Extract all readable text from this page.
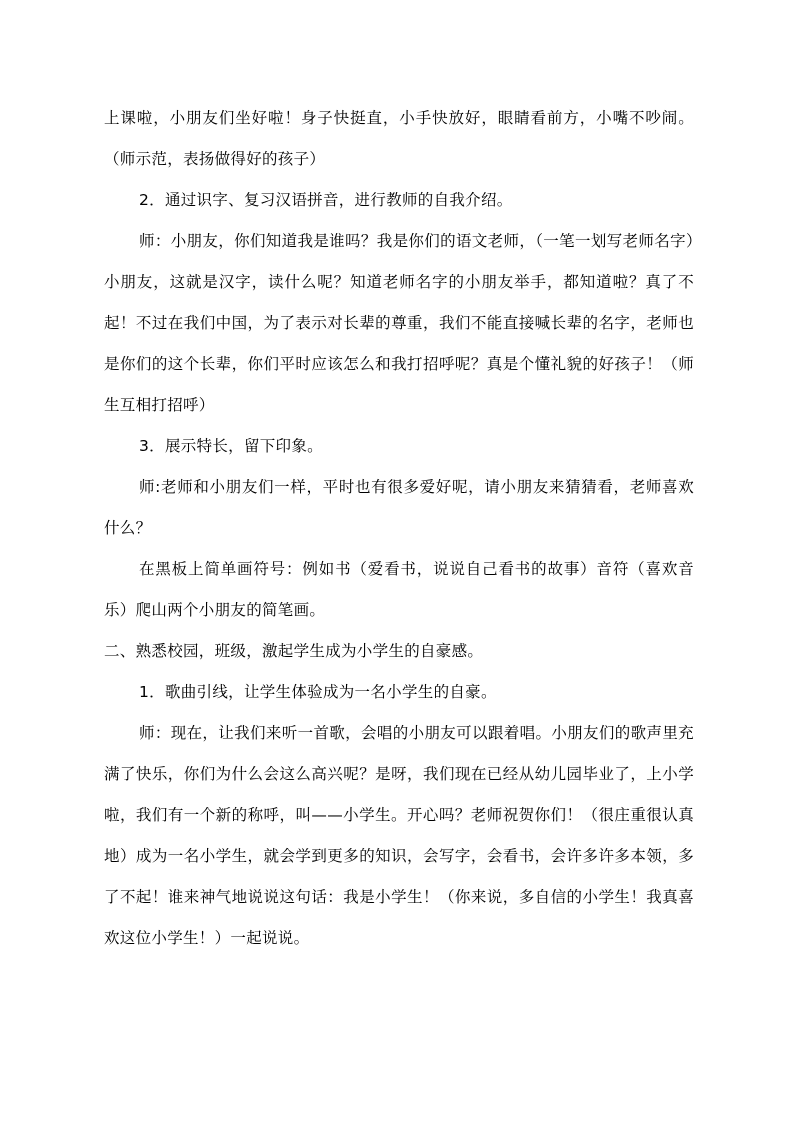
上课啦，小朋友们坐好啦！身子快挺直，小手快放好，眼睛看前方，小嘴不吵闹。（师示范，表扬做得好的孩子）

2．通过识字、复习汉语拼音，进行教师的自我介绍。

师：小朋友，你们知道我是谁吗？我是你们的语文老师，（一笔一划写老师名字）小朋友，这就是汉字，读什么呢？知道老师名字的小朋友举手，都知道啦？真了不起！不过在我们中国，为了表示对长辈的尊重，我们不能直接喊长辈的名字，老师也是你们的这个长辈，你们平时应该怎么和我打招呼呢？真是个懂礼貌的好孩子！（师生互相打招呼）

3．展示特长，留下印象。

师:老师和小朋友们一样，平时也有很多爱好呢，请小朋友来猜猜看，老师喜欢什么？

在黑板上简单画符号：例如书（爱看书，说说自己看书的故事）音符（喜欢音乐）爬山两个小朋友的简笔画。

二、熟悉校园，班级，激起学生成为小学生的自豪感。

1．歌曲引线，让学生体验成为一名小学生的自豪。

师：现在，让我们来听一首歌，会唱的小朋友可以跟着唱。小朋友们的歌声里充满了快乐，你们为什么会这么高兴呢？是呀，我们现在已经从幼儿园毕业了，上小学啦，我们有一个新的称呼，叫——小学生。开心吗？老师祝贺你们！（很庄重很认真地）成为一名小学生，就会学到更多的知识，会写字，会看书，会许多许多本领，多了不起！谁来神气地说说这句话：我是小学生！（你来说，多自信的小学生！我真喜欢这位小学生！）一起说说。
